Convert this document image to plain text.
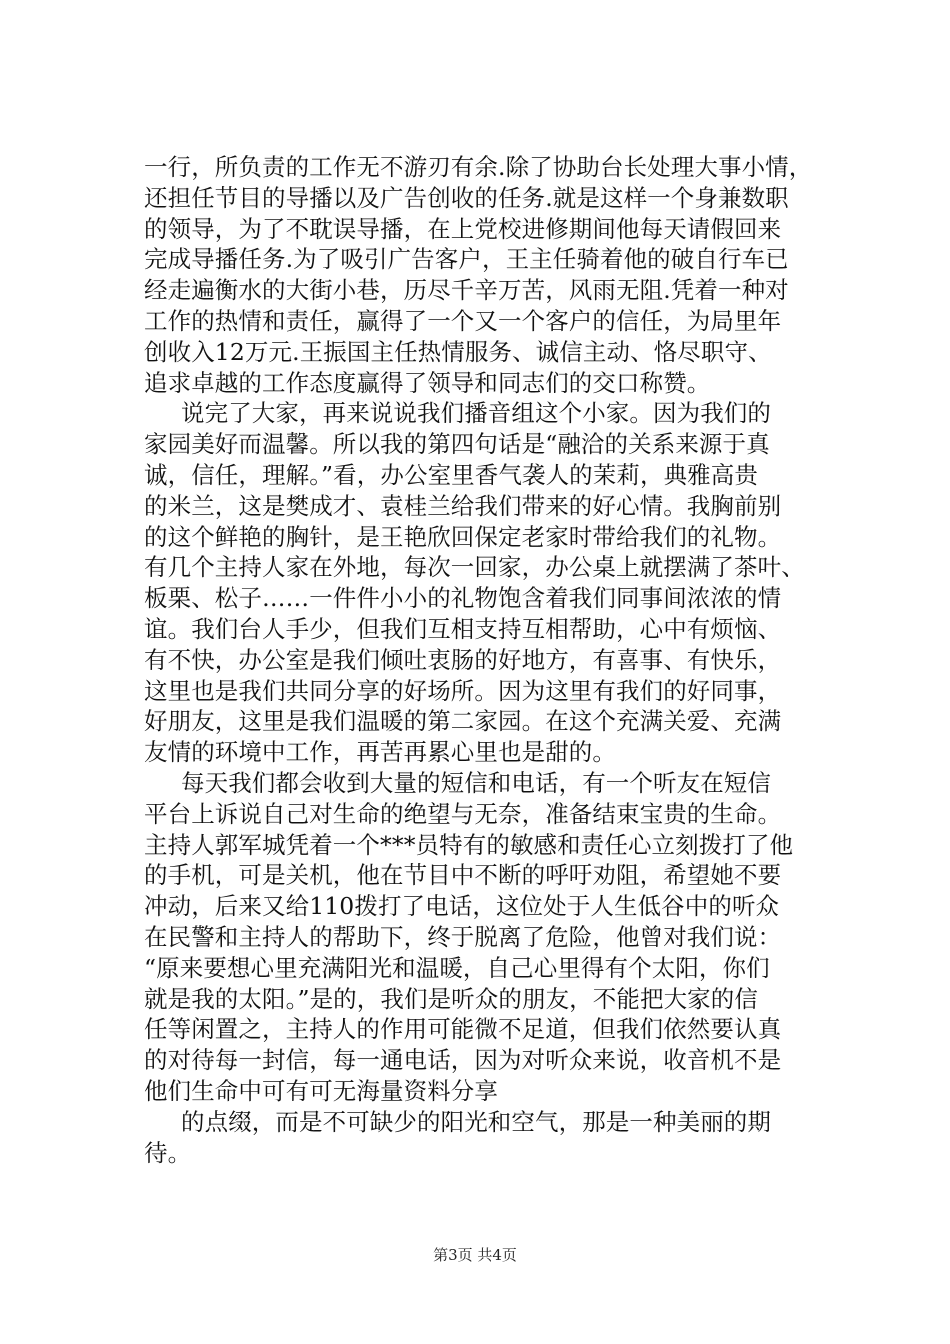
一行，所负责的工作无不游刃有余.除了协助台长处理大事小情，
还担任节目的导播以及广告创收的任务.就是这样一个身兼数职
的领导，为了不耽误导播，在上党校进修期间他每天请假回来
完成导播任务.为了吸引广告客户，王主任骑着他的破自行车已
经走遍衡水的大街小巷，历尽千辛万苦，风雨无阻.凭着一种对
工作的热情和责任，赢得了一个又一个客户的信任，为局里年
创收入12万元.王振国主任热情服务、诚信主动、恪尽职守、
追求卓越的工作态度赢得了领导和同志们的交口称赞。
说完了大家，再来说说我们播音组这个小家。因为我们的
家园美好而温馨。所以我的第四句话是“融洽的关系来源于真
诚，信任，理解。”看，办公室里香气袭人的茉莉，典雅高贵
的米兰，这是樊成才、袁桂兰给我们带来的好心情。我胸前别
的这个鲜艳的胸针，是王艳欣回保定老家时带给我们的礼物。
有几个主持人家在外地，每次一回家，办公桌上就摆满了茶叶、
板栗、松子……一件件小小的礼物饱含着我们同事间浓浓的情
谊。我们台人手少，但我们互相支持互相帮助，心中有烦恼、
有不快，办公室是我们倾吐衷肠的好地方，有喜事、有快乐，
这里也是我们共同分享的好场所。因为这里有我们的好同事，
好朋友，这里是我们温暖的第二家园。在这个充满关爱、充满
友情的环境中工作，再苦再累心里也是甜的。
每天我们都会收到大量的短信和电话，有一个听友在短信
平台上诉说自己对生命的绝望与无奈，准备结束宝贵的生命。
主持人郭军城凭着一个***员特有的敏感和责任心立刻拨打了他
的手机，可是关机，他在节目中不断的呼吁劝阻，希望她不要
冲动，后来又给110拨打了电话，这位处于人生低谷中的听众
在民警和主持人的帮助下，终于脱离了危险，他曾对我们说：
“原来要想心里充满阳光和温暖，自己心里得有个太阳，你们
就是我的太阳。”是的，我们是听众的朋友，不能把大家的信
任等闲置之，主持人的作用可能微不足道，但我们依然要认真
的对待每一封信，每一通电话，因为对听众来说，收音机不是
他们生命中可有可无海量资料分享
的点缀，而是不可缺少的阳光和空气，那是一种美丽的期
待。
第3页 共4页
